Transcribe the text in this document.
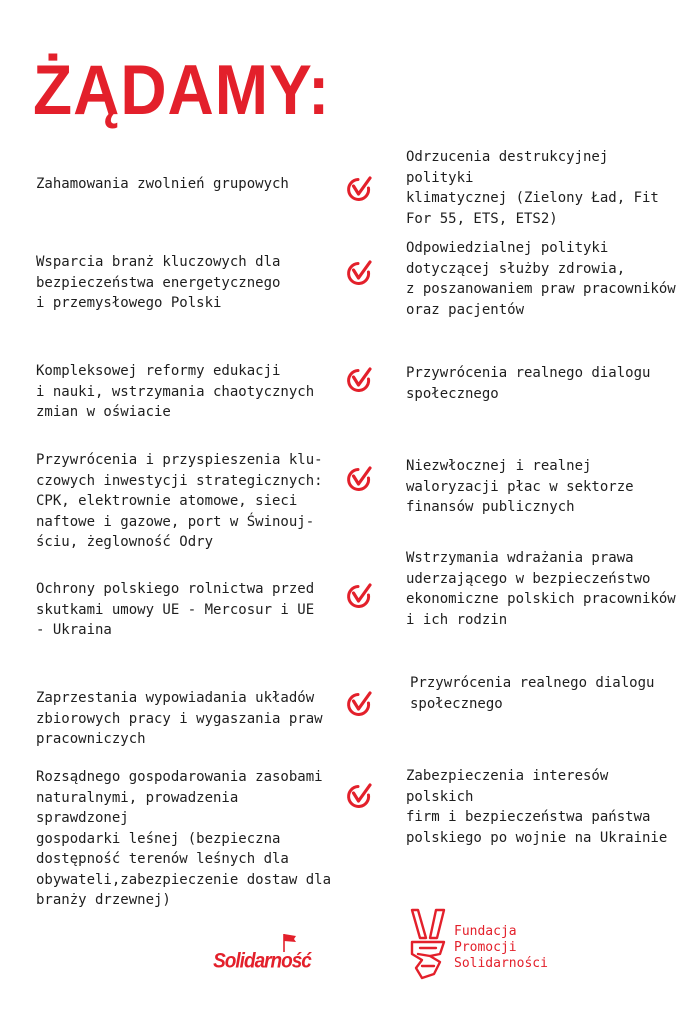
ŻĄDAMY:

Zahamowania zwolnień grupowych

Wsparcia branż kluczowych dla
bezpieczeństwa energetycznego
i przemysłowego Polski

Kompleksowej reformy edukacji
i nauki, wstrzymania chaotycznych
zmian w oświacie

Przywrócenia i przyspieszenia klu-
czowych inwestycji strategicznych:
CPK, elektrownie atomowe, sieci
naftowe i gazowe, port w Świnouj-
ściu, żeglowność Odry

Ochrony polskiego rolnictwa przed
skutkami umowy UE - Mercosur i UE
- Ukraina

Zaprzestania wypowiadania układów
zbiorowych pracy i wygaszania praw
pracowniczych

Rozsądnego gospodarowania zasobami
naturalnymi, prowadzenia sprawdzonej
gospodarki leśnej (bezpieczna
dostępność terenów leśnych dla
obywateli,zabezpieczenie dostaw dla
branży drzewnej)

Odrzucenia destrukcyjnej polityki
klimatycznej (Zielony Ład, Fit
For 55, ETS, ETS2)

Odpowiedzialnej polityki
dotyczącej służby zdrowia,
z poszanowaniem praw pracowników
oraz pacjentów

Przywrócenia realnego dialogu
społecznego

Niezwłocznej i realnej
waloryzacji płac w sektorze
finansów publicznych

Wstrzymania wdrażania prawa
uderzającego w bezpieczeństwo
ekonomiczne polskich pracowników
i ich rodzin

Przywrócenia realnego dialogu
społecznego

Zabezpieczenia interesów polskich
firm i bezpieczeństwa państwa
polskiego po wojnie na Ukrainie

Solidarność

Fundacja
Promocji
Solidarności
